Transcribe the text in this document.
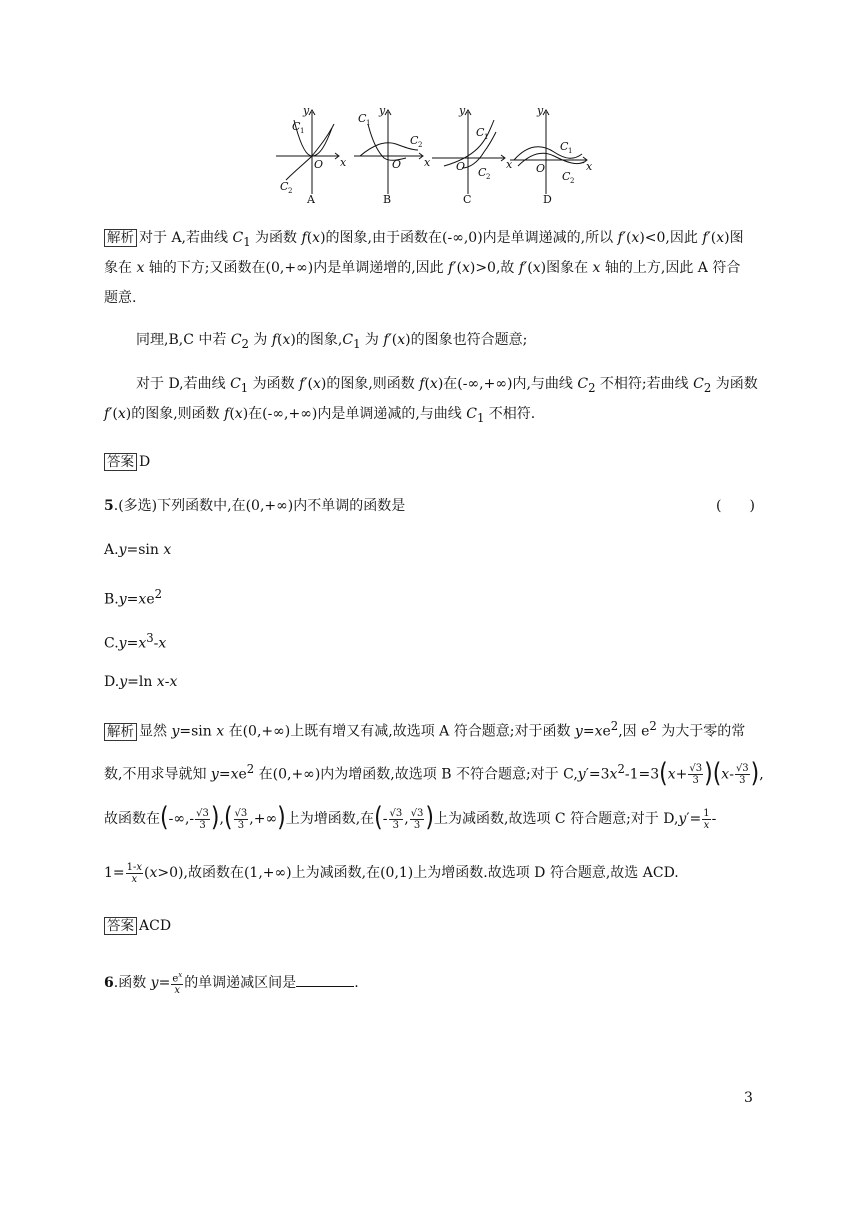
y
C 1
O x
C 2
A
y
C 1
C 2
O x
B
y
C 1
O	x
C 2
C
y
C 1
O	x
C 2
D
解析 对于 A,若曲线 $C_1$ 为函数 f(x)的图象,由于函数在(-∞,0)内是单调递减的,所以 f′(x)<0,因此 f′(x)图
象在 x 轴的下方;又函数在(0,+∞)内是单调递增的,因此 f′(x)>0,故 f′(x)图象在 x 轴的上方,因此 A 符合
题意.
同理,B,C 中若 $C_2$ 为 f(x)的图象$,C_1$ 为 f′(x)的图象也符合题意;
对于 D,若曲线 $C_1$ 为函数 f′(x)的图象,则函数 f(x)在(-∞,+∞)内,与曲线 $C_2$ 不相符;若曲线 $C_2$ 为函数
f′(x)的图象,则函数 f(x)在(-∞,+∞)内是单调递减的,与曲线 $C_1$ 不相符.
答案 D
5.(多选)下列函数中,在(0,+∞)内不单调的函数是	(　　)
A.y=sin x
$B.y=xe^2$
$C.y=x^3-x$
D.y=ln x-x
解析 显然 y=sin x 在(0,+∞)上既有增又有减,故选项 A 符合题意;对于函数 $y=xe^2$,因 $e^2$ 为大于零的常
数,不用求导就知 $y=xe^2$ 在(0,+∞)内为增函数,故选项 B 不符合题意;对于 $C,y'=3x^2-1=3(x+ \frac{√3}{3} )(x- \frac{√3}{3}$ ),
故函数在(-∞,- $\frac{√3}{3}$ ),( $\frac{√3}{3}$ ,+∞)上为增函数,在(- $\frac{√3}{3}$ , $\frac{√3}{3}$ )上为减函数,故选项 C 符合题意;对于 $D,y'= \frac{1}{x}$ -
$1= \frac{1-x}{x} (x>0)$,故函数在(1,+∞)上为减函数,在(0,1)上为增函数.故选项 D 符合题意,故选 ACD.
答案 ACD
6.函数 $y= \frac{e^x}{x}$ 的单调递减区间是	.
3
